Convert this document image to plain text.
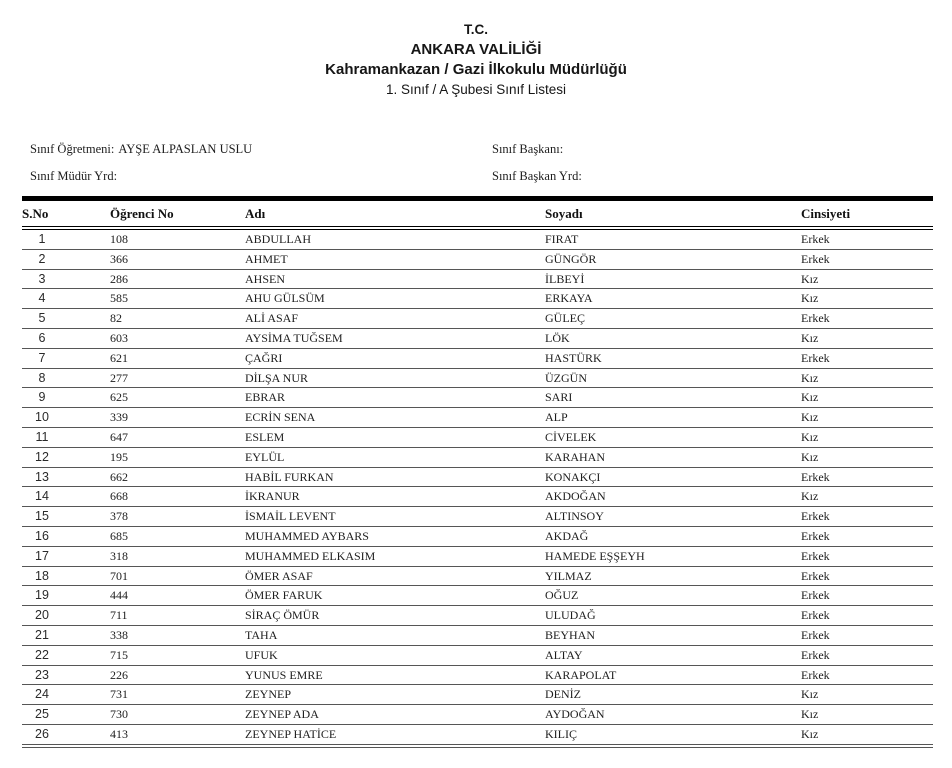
T.C.
ANKARA VALİLİĞİ
Kahramankazan / Gazi İlkokulu Müdürlüğü
1. Sınıf / A Şubesi Sınıf Listesi
Sınıf Öğretmeni: AYŞE ALPASLAN USLU	Sınıf Başkanı:
Sınıf Müdür Yrd:	Sınıf Başkan Yrd:
S.No	Öğrenci No	Adı	Soyadı	Cinsiyeti
1	108	ABDULLAH	FIRAT	Erkek
2	366	AHMET	GÜNGÖR	Erkek
3	286	AHSEN	İLBEYİ	Kız
4	585	AHU GÜLSÜM	ERKAYA	Kız
5	82	ALİ ASAF	GÜLEÇ	Erkek
6	603	AYSİMA TUĞSEM	LÖK	Kız
7	621	ÇAĞRI	HASTÜRK	Erkek
8	277	DİLŞA NUR	ÜZGÜN	Kız
9	625	EBRAR	SARI	Kız
10	339	ECRİN SENA	ALP	Kız
11	647	ESLEM	CİVELEK	Kız
12	195	EYLÜL	KARAHAN	Kız
13	662	HABİL FURKAN	KONAKÇI	Erkek
14	668	İKRANUR	AKDOĞAN	Kız
15	378	İSMAİL LEVENT	ALTINSOY	Erkek
16	685	MUHAMMED AYBARS	AKDAĞ	Erkek
17	318	MUHAMMED ELKASIM	HAMEDE EŞŞEYH	Erkek
18	701	ÖMER ASAF	YILMAZ	Erkek
19	444	ÖMER FARUK	OĞUZ	Erkek
20	711	SİRAÇ ÖMÜR	ULUDAĞ	Erkek
21	338	TAHA	BEYHAN	Erkek
22	715	UFUK	ALTAY	Erkek
23	226	YUNUS EMRE	KARAPOLAT	Erkek
24	731	ZEYNEP	DENİZ	Kız
25	730	ZEYNEP ADA	AYDOĞAN	Kız
26	413	ZEYNEP HATİCE	KILIÇ	Kız
